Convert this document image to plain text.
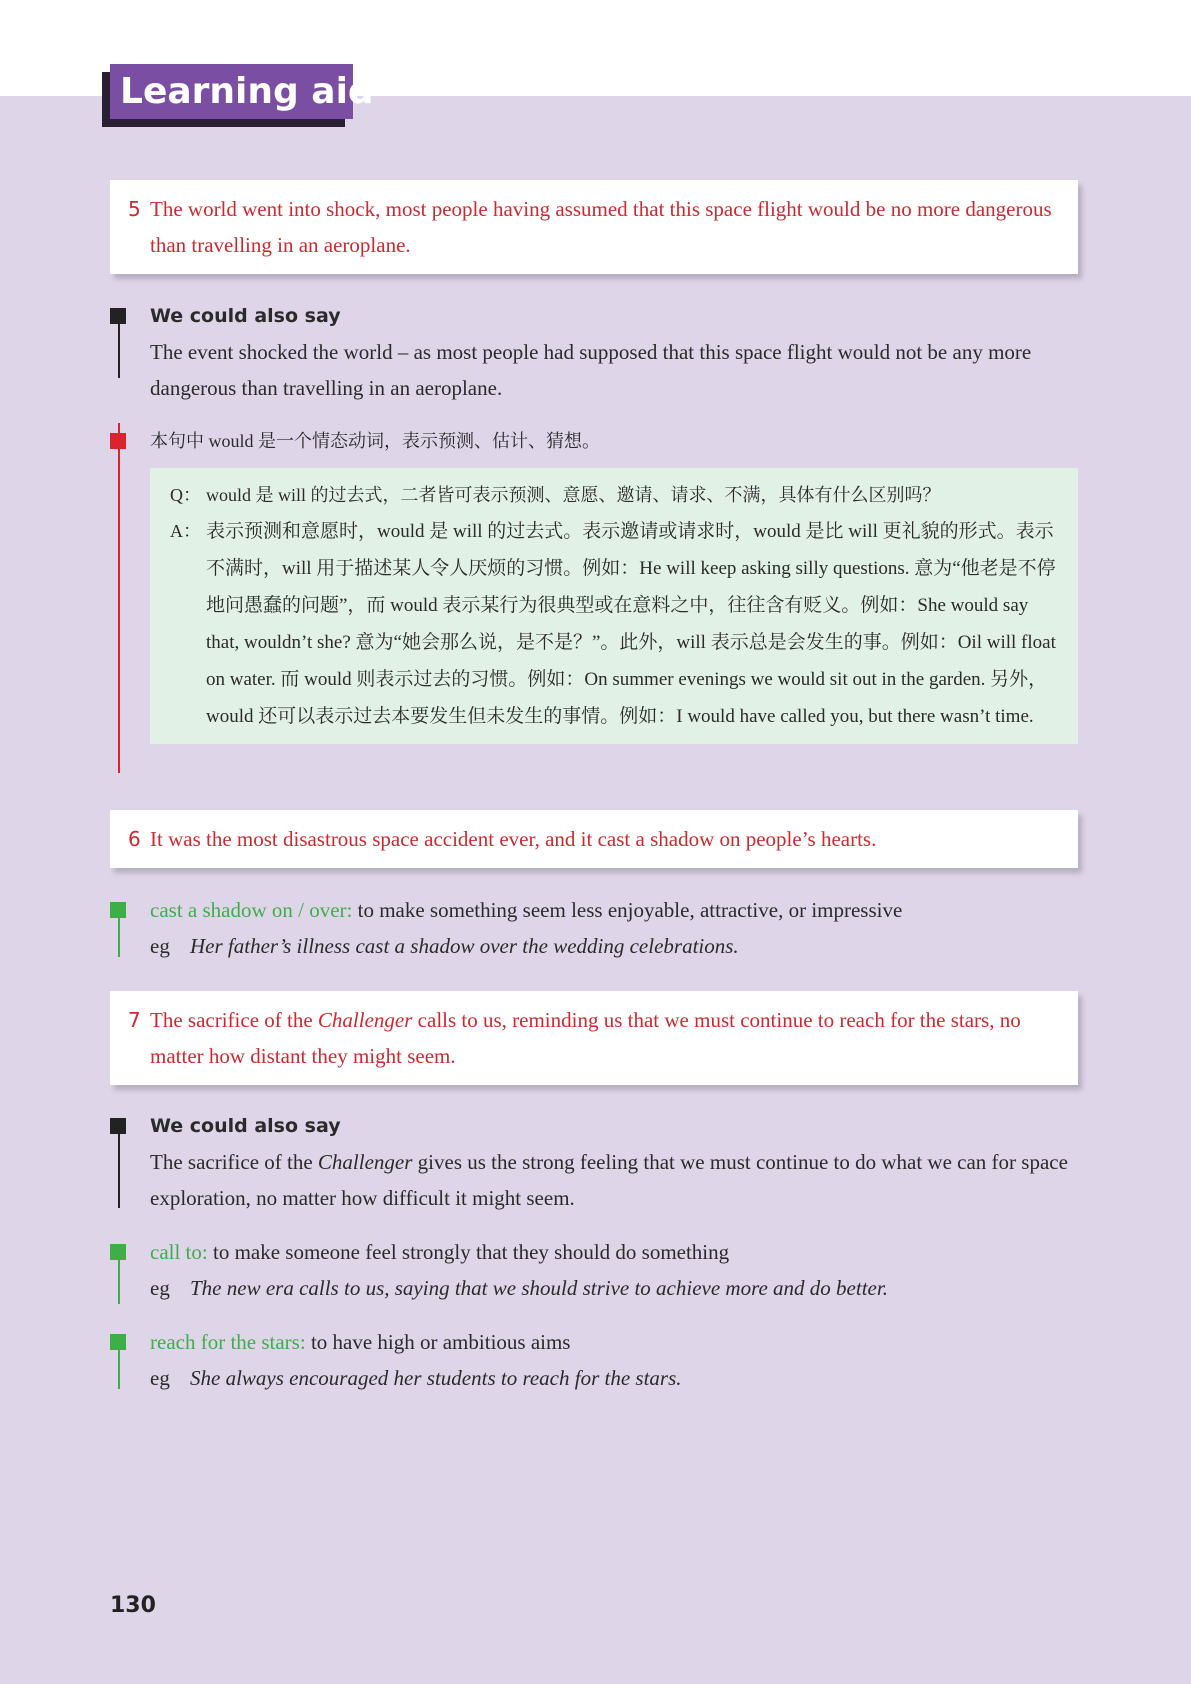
Learning aid
5 The world went into shock, most people having assumed that this space flight would be no more dangerous than travelling in an aeroplane.
We could also say

The event shocked the world – as most people had supposed that this space flight would not be any more dangerous than travelling in an aeroplane.

本句中 would 是一个情态动词，表示预测、估计、猜想。

Q： would 是 will 的过去式，二者皆可表示预测、意愿、邀请、请求、不满，具体有什么区别吗？
A： 表示预测和意愿时，would 是 will 的过去式。表示邀请或请求时，would 是比 will 更礼貌的形式。表示不满时，will 用于描述某人令人厌烦的习惯。例如：He will keep asking silly questions. 意为“他老是不停地问愚蠢的问题”，而 would 表示某行为很典型或在意料之中，往往含有贬义。例如：She would say that, wouldn’t she? 意为“她会那么说，是不是？”。此外，will 表示总是会发生的事。例如：Oil will float on water. 而 would 则表示过去的习惯。例如：On summer evenings we would sit out in the garden. 另外，would 还可以表示过去本要发生但未发生的事情。例如：I would have called you, but there wasn’t time.
6 It was the most disastrous space accident ever, and it cast a shadow on people’s hearts.

cast a shadow on / over: to make something seem less enjoyable, attractive, or impressive

eg Her father’s illness cast a shadow over the wedding celebrations.
7 The sacrifice of the Challenger calls to us, reminding us that we must continue to reach for the stars, no matter how distant they might seem.
We could also say

The sacrifice of the Challenger gives us the strong feeling that we must continue to do what we can for space exploration, no matter how difficult it might seem.

call to: to make someone feel strongly that they should do something

eg The new era calls to us, saying that we should strive to achieve more and do better.

reach for the stars: to have high or ambitious aims

eg She always encouraged her students to reach for the stars.
130
